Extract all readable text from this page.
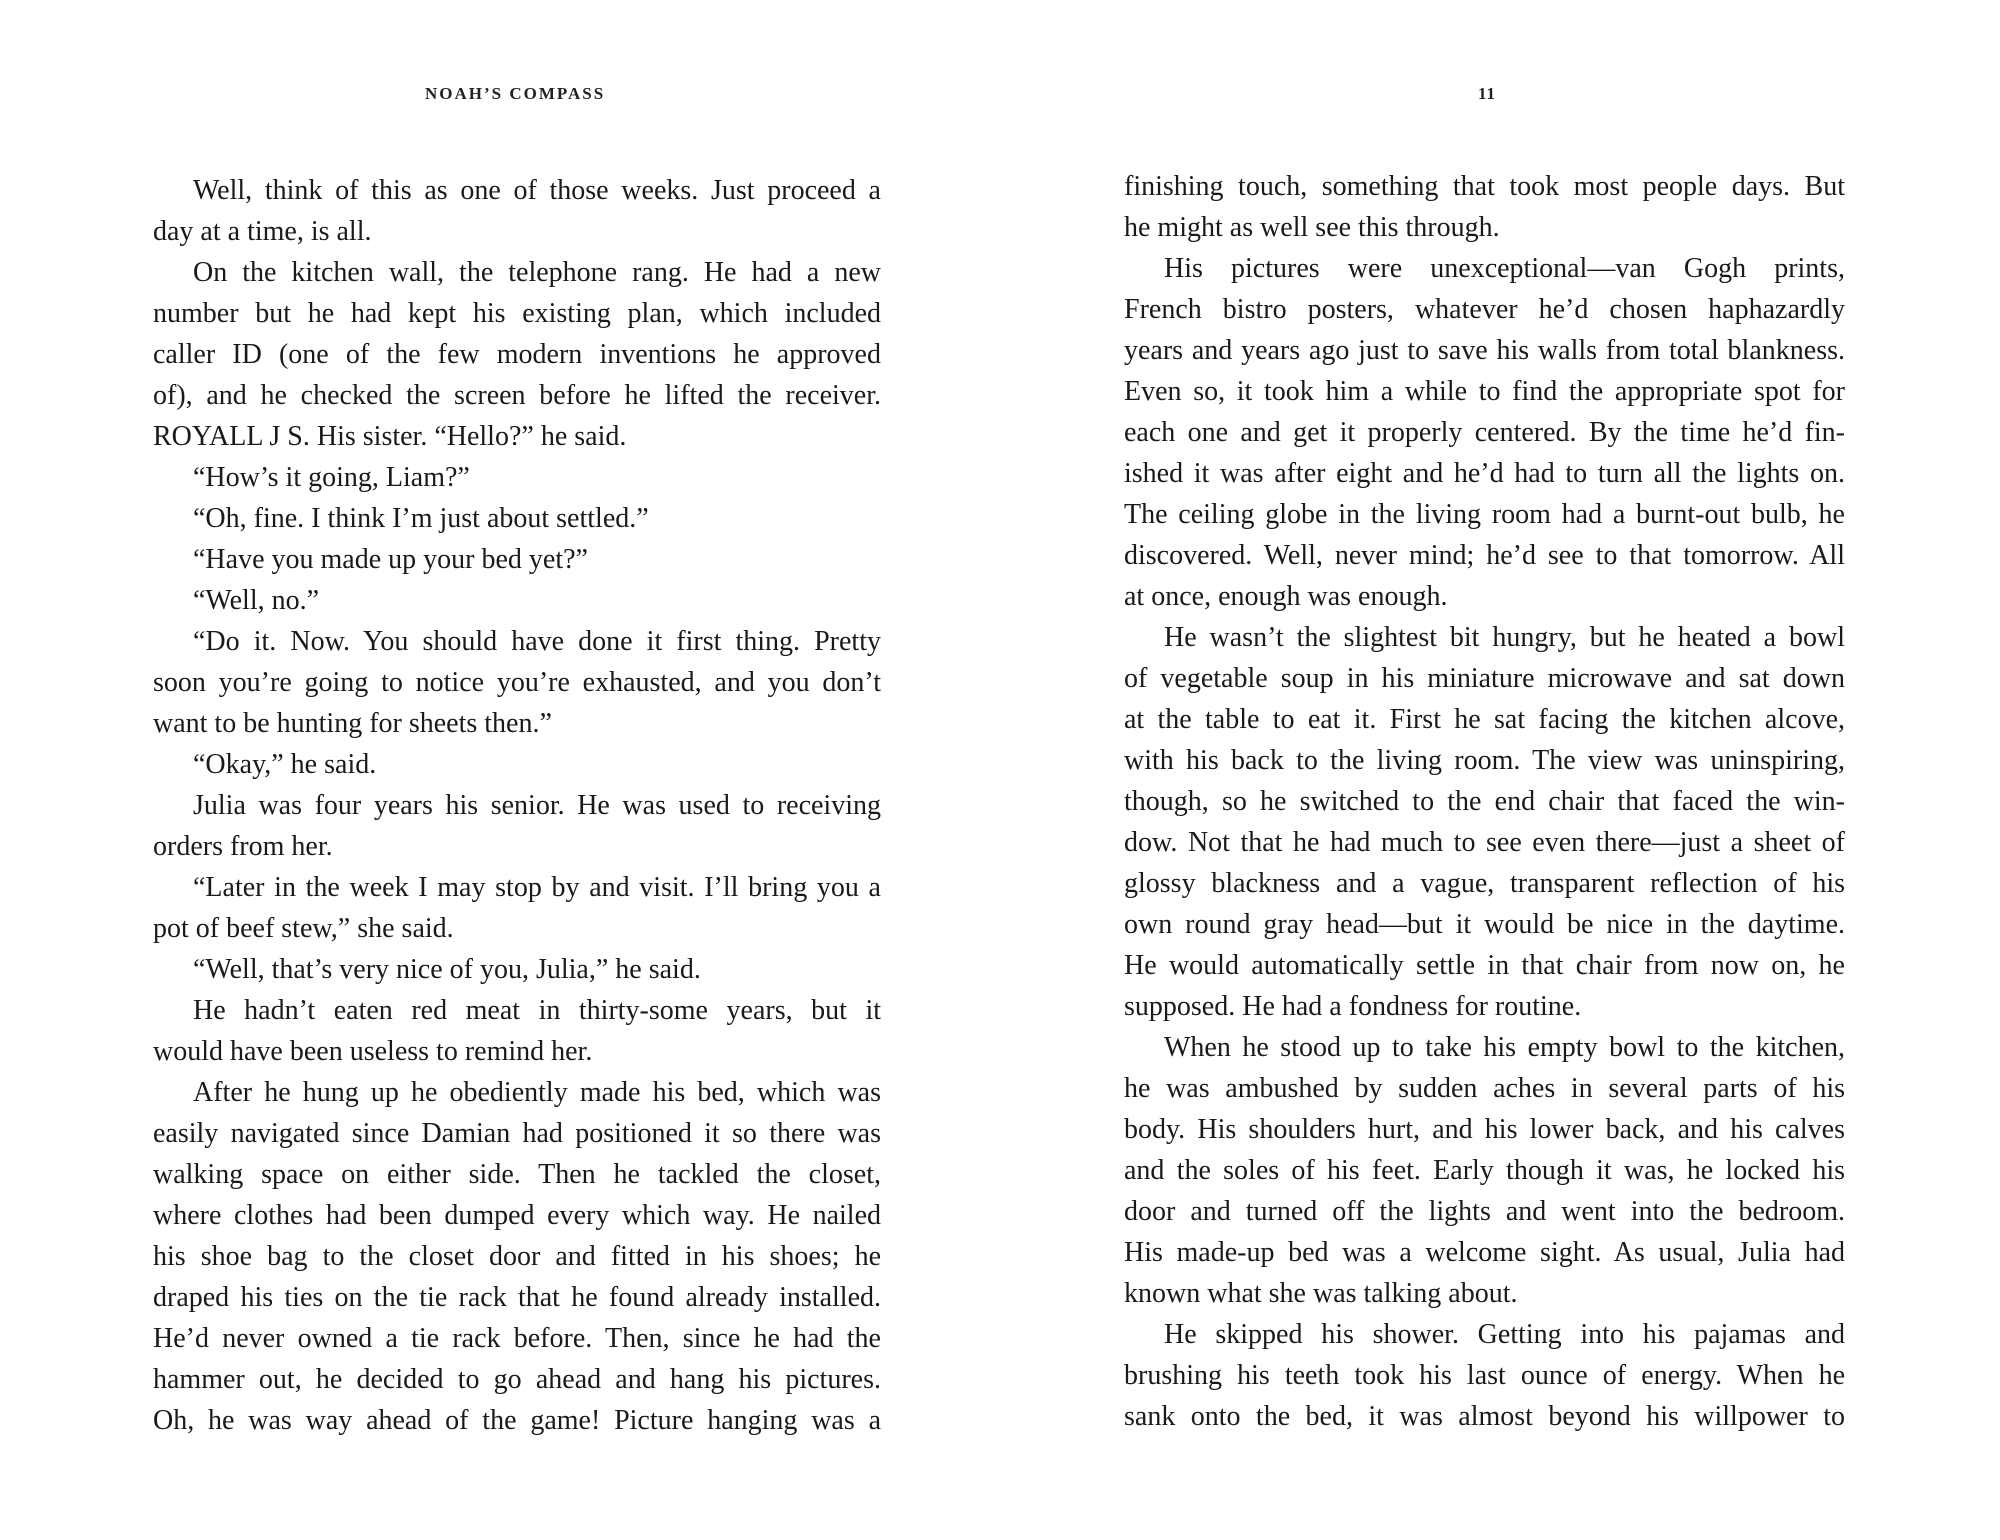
NOAH’S COMPASS
Well, think of this as one of those weeks. Just proceed a
day at a time, is all.
On the kitchen wall, the telephone rang. He had a new
number but he had kept his existing plan, which included
caller ID (one of the few modern inventions he approved
of), and he checked the screen before he lifted the receiver.
ROYALL J S. His sister. “Hello?” he said.
“How’s it going, Liam?”
“Oh, fine. I think I’m just about settled.”
“Have you made up your bed yet?”
“Well, no.”
“Do it. Now. You should have done it first thing. Pretty
soon you’re going to notice you’re exhausted, and you don’t
want to be hunting for sheets then.”
“Okay,” he said.
Julia was four years his senior. He was used to receiving
orders from her.
“Later in the week I may stop by and visit. I’ll bring you a
pot of beef stew,” she said.
“Well, that’s very nice of you, Julia,” he said.
He hadn’t eaten red meat in thirty-some years, but it
would have been useless to remind her.
After he hung up he obediently made his bed, which was
easily navigated since Damian had positioned it so there was
walking space on either side. Then he tackled the closet,
where clothes had been dumped every which way. He nailed
his shoe bag to the closet door and fitted in his shoes; he
draped his ties on the tie rack that he found already installed.
He’d never owned a tie rack before. Then, since he had the
hammer out, he decided to go ahead and hang his pictures.
Oh, he was way ahead of the game! Picture hanging was a
11
finishing touch, something that took most people days. But
he might as well see this through.
His pictures were unexceptional—van Gogh prints,
French bistro posters, whatever he’d chosen haphazardly
years and years ago just to save his walls from total blankness.
Even so, it took him a while to find the appropriate spot for
each one and get it properly centered. By the time he’d fin-
ished it was after eight and he’d had to turn all the lights on.
The ceiling globe in the living room had a burnt-out bulb, he
discovered. Well, never mind; he’d see to that tomorrow. All
at once, enough was enough.
He wasn’t the slightest bit hungry, but he heated a bowl
of vegetable soup in his miniature microwave and sat down
at the table to eat it. First he sat facing the kitchen alcove,
with his back to the living room. The view was uninspiring,
though, so he switched to the end chair that faced the win-
dow. Not that he had much to see even there—just a sheet of
glossy blackness and a vague, transparent reflection of his
own round gray head—but it would be nice in the daytime.
He would automatically settle in that chair from now on, he
supposed. He had a fondness for routine.
When he stood up to take his empty bowl to the kitchen,
he was ambushed by sudden aches in several parts of his
body. His shoulders hurt, and his lower back, and his calves
and the soles of his feet. Early though it was, he locked his
door and turned off the lights and went into the bedroom.
His made-up bed was a welcome sight. As usual, Julia had
known what she was talking about.
He skipped his shower. Getting into his pajamas and
brushing his teeth took his last ounce of energy. When he
sank onto the bed, it was almost beyond his willpower to
